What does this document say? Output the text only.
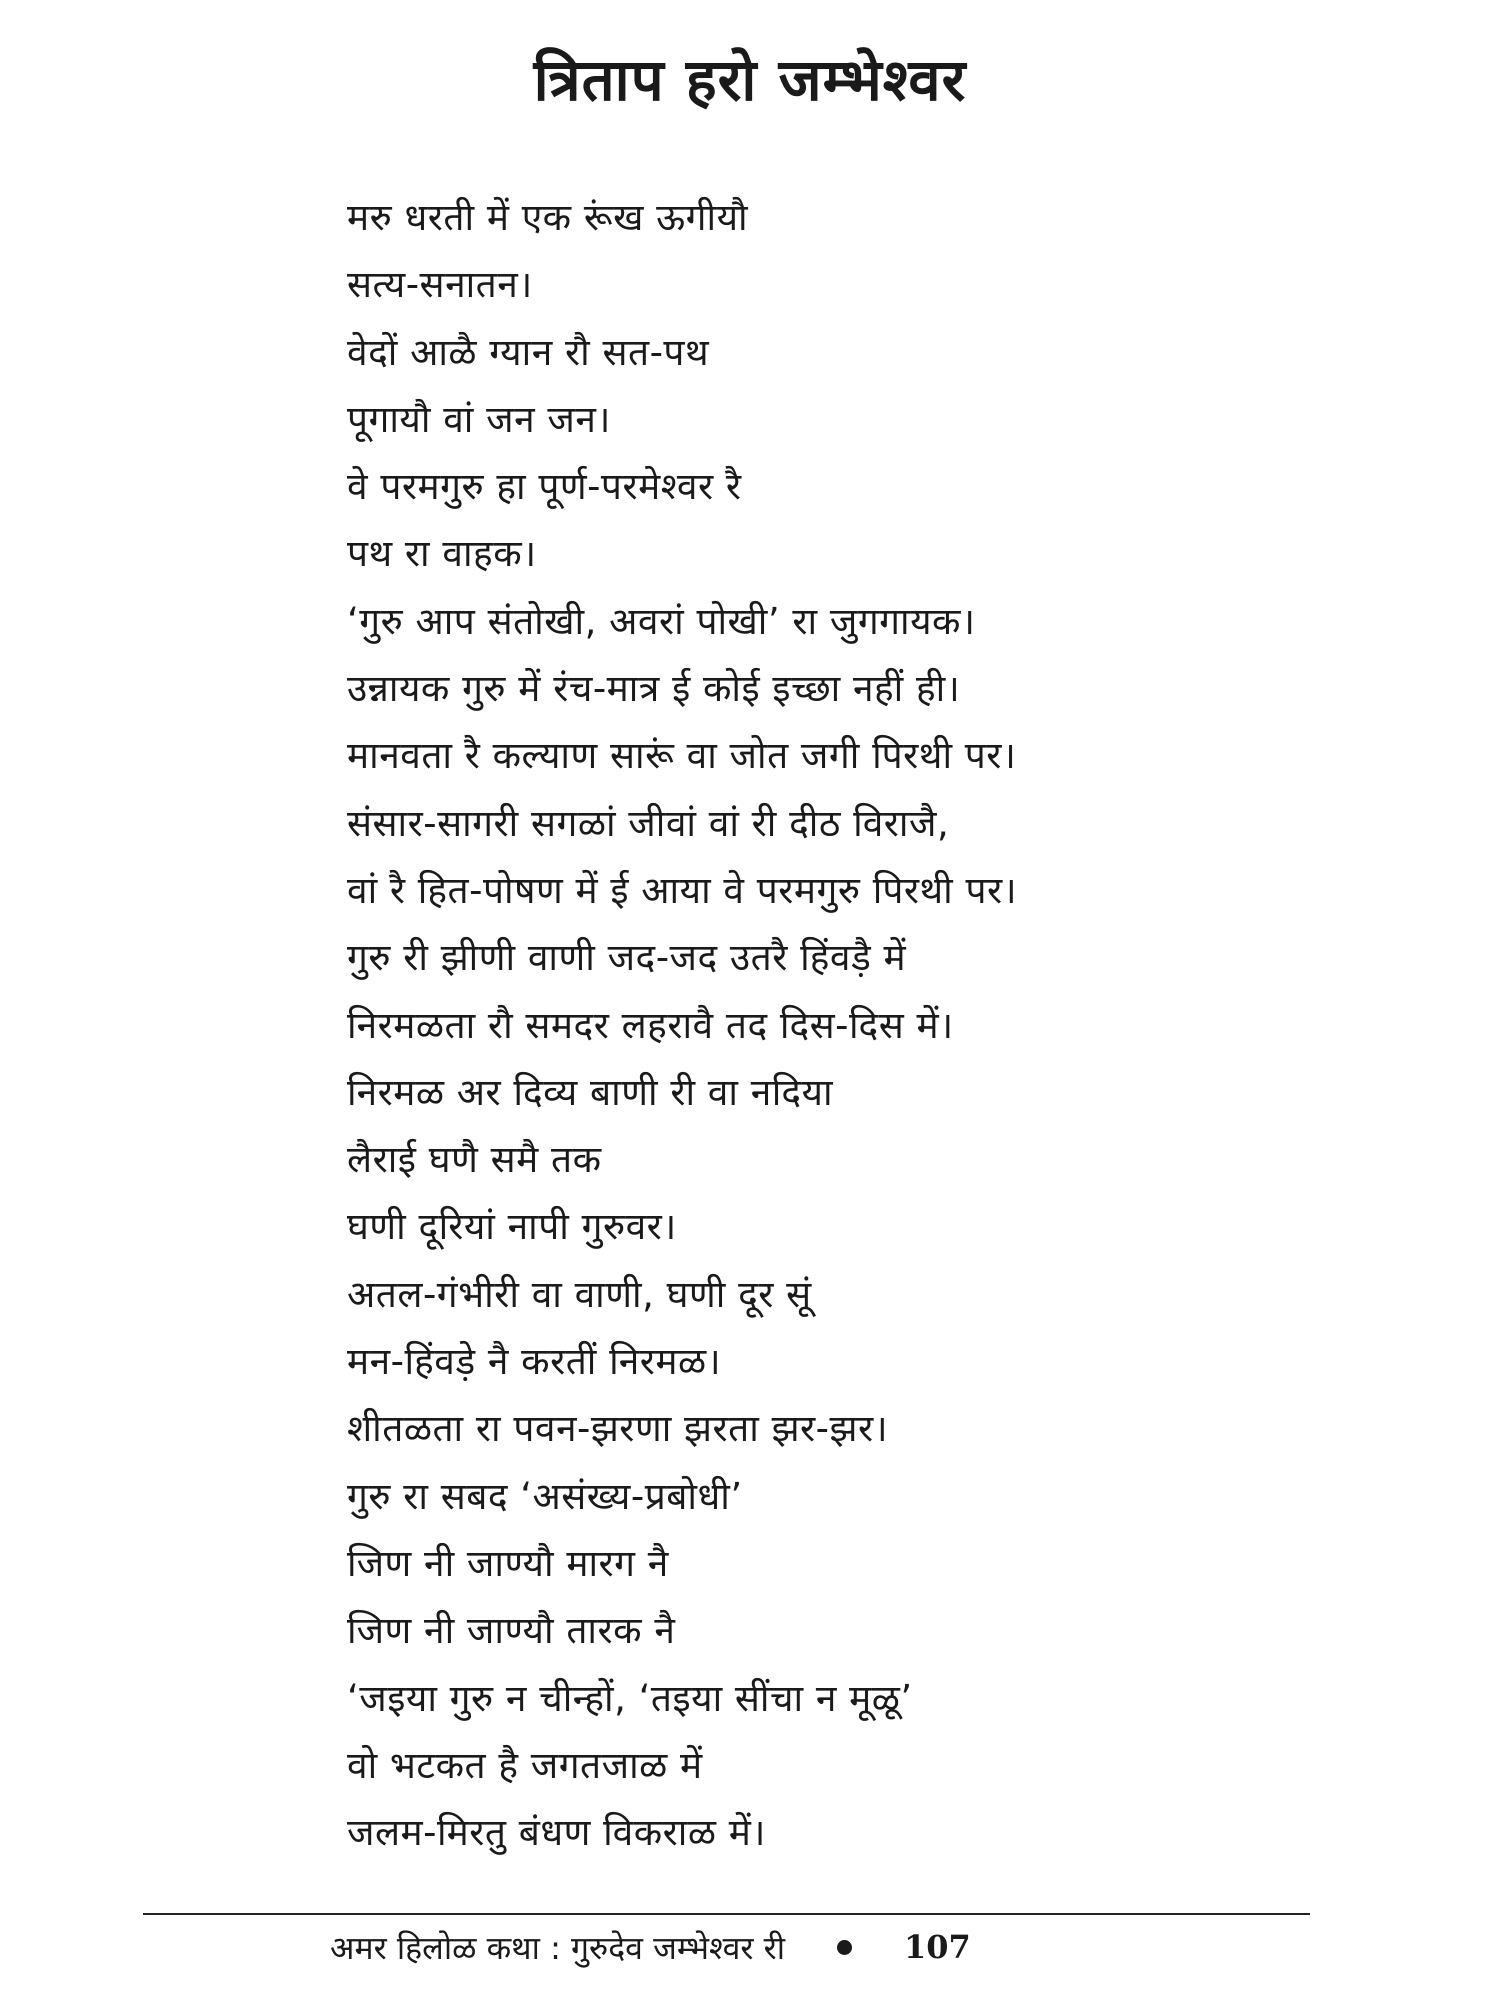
त्रिताप हरो जम्भेश्वर
मरु धरती में एक रूंख ऊगीयौ
सत्य-सनातन।
वेदों आळै ग्यान रौ सत-पथ
पूगायौ वां जन जन।
वे परमगुरु हा पूर्ण-परमेश्वर रै
पथ रा वाहक।
‘गुरु आप संतोखी, अवरां पोखी’ रा जुगगायक।
उन्नायक गुरु में रंच-मात्र ई कोई इच्छा नहीं ही।
मानवता रै कल्याण सारूं वा जोत जगी पिरथी पर।
संसार-सागरी सगळां जीवां वां री दीठ विराजै,
वां रै हित-पोषण में ई आया वे परमगुरु पिरथी पर।
गुरु री झीणी वाणी जद-जद उतरै हिंवड़ै में
निरमळता रौ समदर लहरावै तद दिस-दिस में।
निरमळ अर दिव्य बाणी री वा नदिया
लैराई घणै समै तक
घणी दूरियां नापी गुरुवर।
अतल-गंभीरी वा वाणी, घणी दूर सूं
मन-हिंवड़े नै करतीं निरमळ।
शीतळता रा पवन-झरणा झरता झर-झर।
गुरु रा सबद ‘असंख्य-प्रबोधी’
जिण नी जाण्यौ मारग नै
जिण नी जाण्यौ तारक नै
‘जइया गुरु न चीन्हों, ‘तइया सींचा न मूळू’
वो भटकत है जगतजाळ में
जलम-मिरतु बंधण विकराळ में।
अमर हिलोळ कथा : गुरुदेव जम्भेश्वर री	107
